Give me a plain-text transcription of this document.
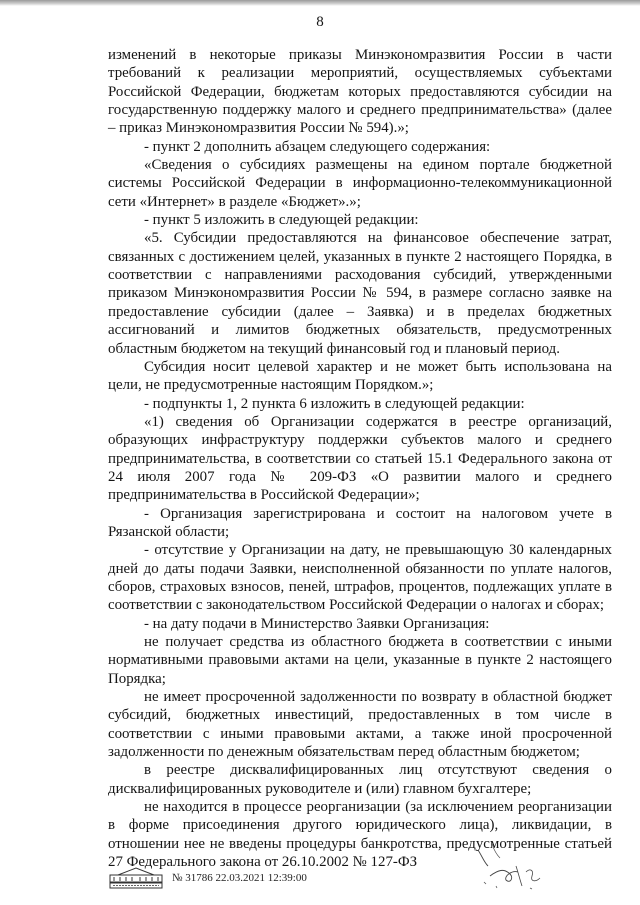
8

изменений в некоторые приказы Минэкономразвития России в части требований к реализации мероприятий, осуществляемых субъектами Российской Федерации, бюджетам которых предоставляются субсидии на государственную поддержку малого и среднего предпринимательства» (далее – приказ Минэкономразвития России № 594).»;

- пункт 2 дополнить абзацем следующего содержания:

«Сведения о субсидиях размещены на едином портале бюджетной системы Российской Федерации в информационно-телекоммуникационной сети «Интернет» в разделе «Бюджет».»;

- пункт 5 изложить в следующей редакции:

«5. Субсидии предоставляются на финансовое обеспечение затрат, связанных с достижением целей, указанных в пункте 2 настоящего Порядка, в соответствии с направлениями расходования субсидий, утвержденными приказом Минэкономразвития России № 594, в размере согласно заявке на предоставление субсидии (далее – Заявка) и в пределах бюджетных ассигнований и лимитов бюджетных обязательств, предусмотренных областным бюджетом на текущий финансовый год и плановый период.

Субсидия носит целевой характер и не может быть использована на цели, не предусмотренные настоящим Порядком.»;

- подпункты 1, 2 пункта 6 изложить в следующей редакции:

«1) сведения об Организации содержатся в реестре организаций, образующих инфраструктуру поддержки субъектов малого и среднего предпринимательства, в соответствии со статьей 15.1 Федерального закона от 24 июля 2007 года № 209-ФЗ «О развитии малого и среднего предпринимательства в Российской Федерации»;

- Организация зарегистрирована и состоит на налоговом учете в Рязанской области;

- отсутствие у Организации на дату, не превышающую 30 календарных дней до даты подачи Заявки, неисполненной обязанности по уплате налогов, сборов, страховых взносов, пеней, штрафов, процентов, подлежащих уплате в соответствии с законодательством Российской Федерации о налогах и сборах;

- на дату подачи в Министерство Заявки Организация:

не получает средства из областного бюджета в соответствии с иными нормативными правовыми актами на цели, указанные в пункте 2 настоящего Порядка;

не имеет просроченной задолженности по возврату в областной бюджет субсидий, бюджетных инвестиций, предоставленных в том числе в соответствии с иными правовыми актами, а также иной просроченной задолженности по денежным обязательствам перед областным бюджетом;

в реестре дисквалифицированных лиц отсутствуют сведения о дисквалифицированных руководителе и (или) главном бухгалтере;

не находится в процессе реорганизации (за исключением реорганизации в форме присоединения другого юридического лица), ликвидации, в отношении нее не введены процедуры банкротства, предусмотренные статьей 27 Федерального закона от 26.10.2002 № 127-ФЗ

№ 31786 22.03.2021 12:39:00
